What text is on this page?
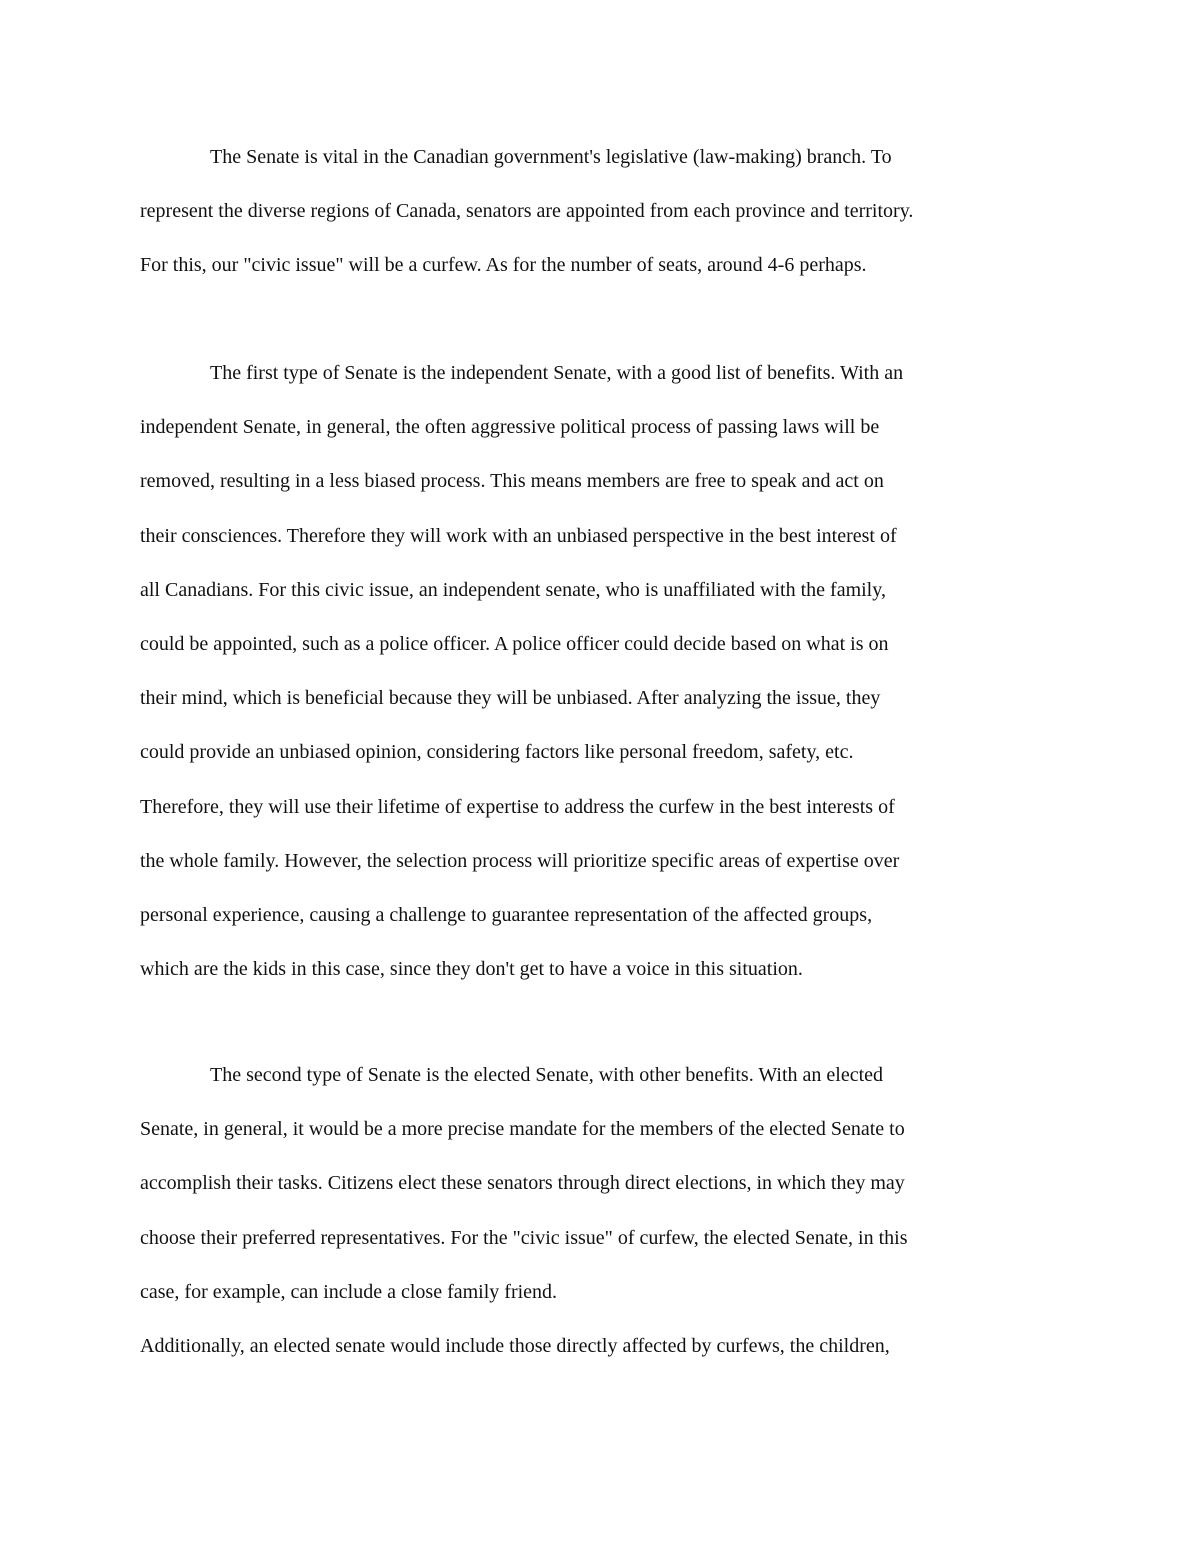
The Senate is vital in the Canadian government's legislative (law-making) branch. To
represent the diverse regions of Canada, senators are appointed from each province and territory.
For this, our "civic issue" will be a curfew. As for the number of seats, around 4-6 perhaps.
The first type of Senate is the independent Senate, with a good list of benefits. With an
independent Senate, in general, the often aggressive political process of passing laws will be
removed, resulting in a less biased process. This means members are free to speak and act on
their consciences. Therefore they will work with an unbiased perspective in the best interest of
all Canadians. For this civic issue, an independent senate, who is unaffiliated with the family,
could be appointed, such as a police officer. A police officer could decide based on what is on
their mind, which is beneficial because they will be unbiased. After analyzing the issue, they
could provide an unbiased opinion, considering factors like personal freedom, safety, etc.
Therefore, they will use their lifetime of expertise to address the curfew in the best interests of
the whole family. However, the selection process will prioritize specific areas of expertise over
personal experience, causing a challenge to guarantee representation of the affected groups,
which are the kids in this case, since they don't get to have a voice in this situation.
The second type of Senate is the elected Senate, with other benefits. With an elected
Senate, in general, it would be a more precise mandate for the members of the elected Senate to
accomplish their tasks. Citizens elect these senators through direct elections, in which they may
choose their preferred representatives. For the "civic issue" of curfew, the elected Senate, in this
case, for example, can include a close family friend.
Additionally, an elected senate would include those directly affected by curfews, the children,
